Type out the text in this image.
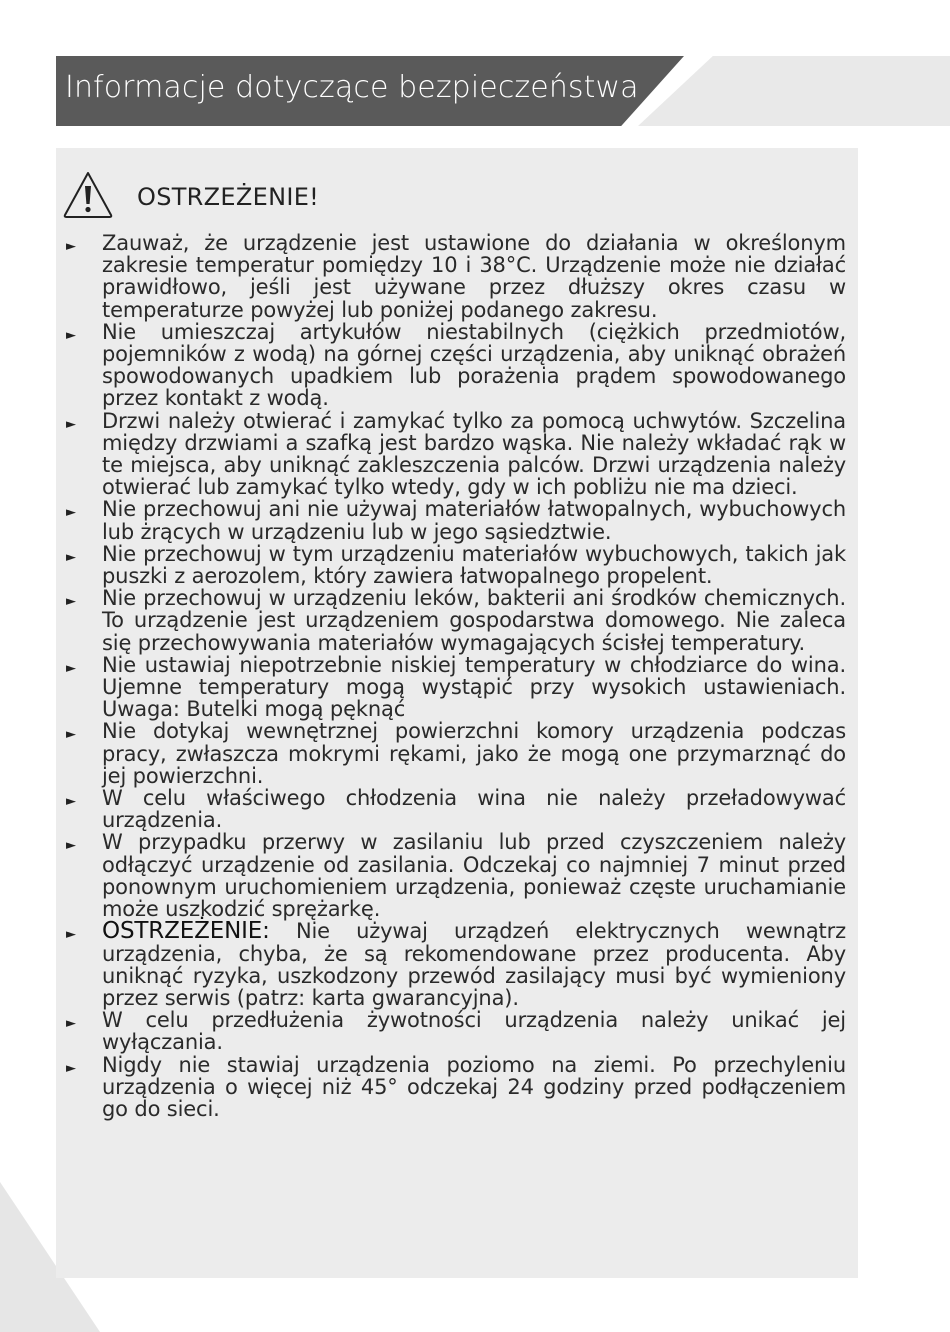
Informacje dotyczące bezpieczeństwa
OSTRZEŻENIE!
►	Zauważ, że urządzenie jest ustawione do działania w określonym zakresie temperatur pomiędzy 10 i 38°C. Urządzenie może nie działać prawidłowo, jeśli jest używane przez dłuższy okres czasu w temperaturze powyżej lub poniżej podanego zakresu.
►	Nie umieszczaj artykułów niestabilnych (ciężkich przedmiotów, pojemników z wodą) na górnej części urządzenia, aby uniknąć obrażeń spowodowanych upadkiem lub porażenia prądem spowodowanego przez kontakt z wodą.
►	Drzwi należy otwierać i zamykać tylko za pomocą uchwytów. Szczelina między drzwiami a szafką jest bardzo wąska. Nie należy wkładać rąk w te miejsca, aby uniknąć zakleszczenia palców. Drzwi urządzenia należy otwierać lub zamykać tylko wtedy, gdy w ich pobliżu nie ma dzieci.
►	Nie przechowuj ani nie używaj materiałów łatwopalnych, wybuchowych lub żrących w urządzeniu lub w jego sąsiedztwie.
►	Nie przechowuj w tym urządzeniu materiałów wybuchowych, takich jak puszki z aerozolem, który zawiera łatwopalnego propelent.
►	Nie przechowuj w urządzeniu leków, bakterii ani środków chemicznych. To urządzenie jest urządzeniem gospodarstwa domowego. Nie zaleca się przechowywania materiałów wymagających ścisłej temperatury.
►	Nie ustawiaj niepotrzebnie niskiej temperatury w chłodziarce do wina. Ujemne temperatury mogą wystąpić przy wysokich ustawieniach. Uwaga: Butelki mogą pęknąć
►	Nie dotykaj wewnętrznej powierzchni komory urządzenia podczas pracy, zwłaszcza mokrymi rękami, jako że mogą one przymarznąć do jej powierzchni.
►	W celu właściwego chłodzenia wina nie należy przeładowywać urządzenia.
►	W przypadku przerwy w zasilaniu lub przed czyszczeniem należy odłączyć urządzenie od zasilania. Odczekaj co najmniej 7 minut przed ponownym uruchomieniem urządzenia, ponieważ częste uruchamianie może uszkodzić sprężarkę.
►	OSTRZEŻENIE: Nie używaj urządzeń elektrycznych wewnątrz urządzenia, chyba, że są rekomendowane przez producenta. Aby uniknąć ryzyka, uszkodzony przewód zasilający musi być wymieniony przez serwis (patrz: karta gwarancyjna).
►	W celu przedłużenia żywotności urządzenia należy unikać jej wyłączania.
►	Nigdy nie stawiaj urządzenia poziomo na ziemi. Po przechyleniu urządzenia o więcej niż 45° odczekaj 24 godziny przed podłączeniem go do sieci.
